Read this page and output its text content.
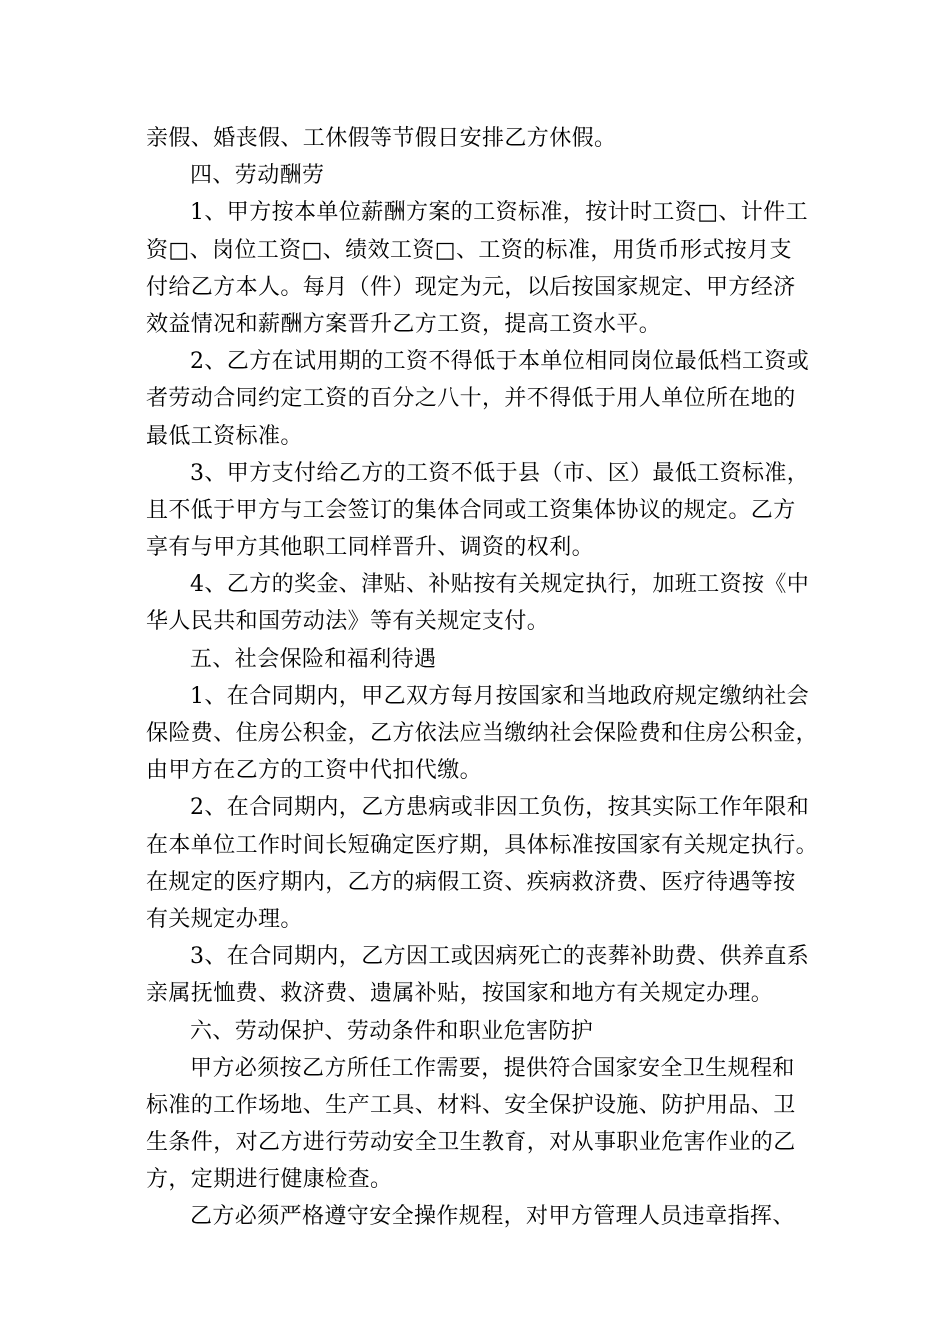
亲假、婚丧假、工休假等节假日安排乙方休假。
四、劳动酬劳
1、甲方按本单位薪酬方案的工资标准，按计时工资□、计件工
资□、岗位工资□、绩效工资□、工资的标准，用货币形式按月支
付给乙方本人。每月（件）现定为元，以后按国家规定、甲方经济
效益情况和薪酬方案晋升乙方工资，提高工资水平。
2、乙方在试用期的工资不得低于本单位相同岗位最低档工资或
者劳动合同约定工资的百分之八十，并不得低于用人单位所在地的
最低工资标准。
3、甲方支付给乙方的工资不低于县（市、区）最低工资标准，
且不低于甲方与工会签订的集体合同或工资集体协议的规定。乙方
享有与甲方其他职工同样晋升、调资的权利。
4、乙方的奖金、津贴、补贴按有关规定执行，加班工资按《中
华人民共和国劳动法》等有关规定支付。
五、社会保险和福利待遇
1、在合同期内，甲乙双方每月按国家和当地政府规定缴纳社会
保险费、住房公积金，乙方依法应当缴纳社会保险费和住房公积金，
由甲方在乙方的工资中代扣代缴。
2、在合同期内，乙方患病或非因工负伤，按其实际工作年限和
在本单位工作时间长短确定医疗期，具体标准按国家有关规定执行。
在规定的医疗期内，乙方的病假工资、疾病救济费、医疗待遇等按
有关规定办理。
3、在合同期内，乙方因工或因病死亡的丧葬补助费、供养直系
亲属抚恤费、救济费、遗属补贴，按国家和地方有关规定办理。
六、劳动保护、劳动条件和职业危害防护
甲方必须按乙方所任工作需要，提供符合国家安全卫生规程和
标准的工作场地、生产工具、材料、安全保护设施、防护用品、卫
生条件，对乙方进行劳动安全卫生教育，对从事职业危害作业的乙
方，定期进行健康检查。
乙方必须严格遵守安全操作规程，对甲方管理人员违章指挥、
